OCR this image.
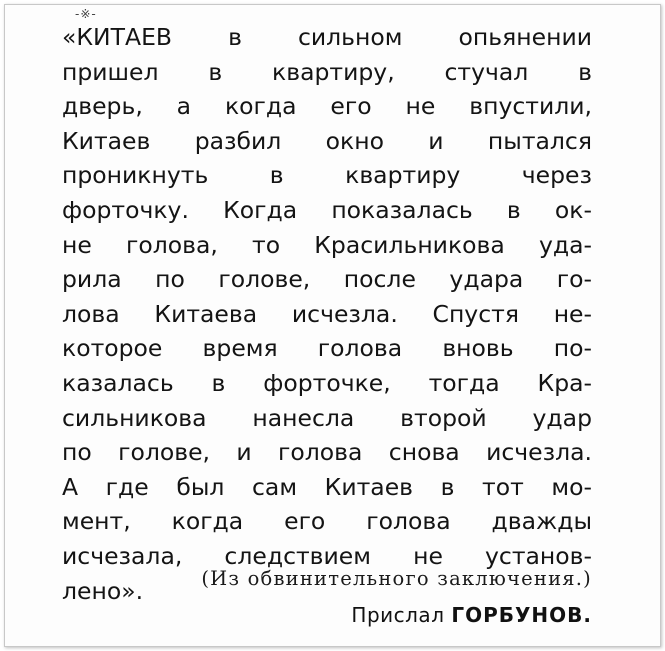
-※-
«КИТАЕВ в сильном опьянении
пришел в квартиру, стучал в
дверь, а когда его не впустили,
Китаев разбил окно и пытался
проникнуть в квартиру через
форточку. Когда показалась в ок-
не голова, то Красильникова уда-
рила по голове, после удара го-
лова Китаева исчезла. Спустя не-
которое время голова вновь по-
казалась в форточке, тогда Кра-
сильникова нанесла второй удар
по голове, и голова снова исчезла.
А где был сам Китаев в тот мо-
мент, когда его голова дважды
исчезала, следствием не установ-
лено».	(Из обвинительного заключения.)
Прислал ГОРБУНОВ.
